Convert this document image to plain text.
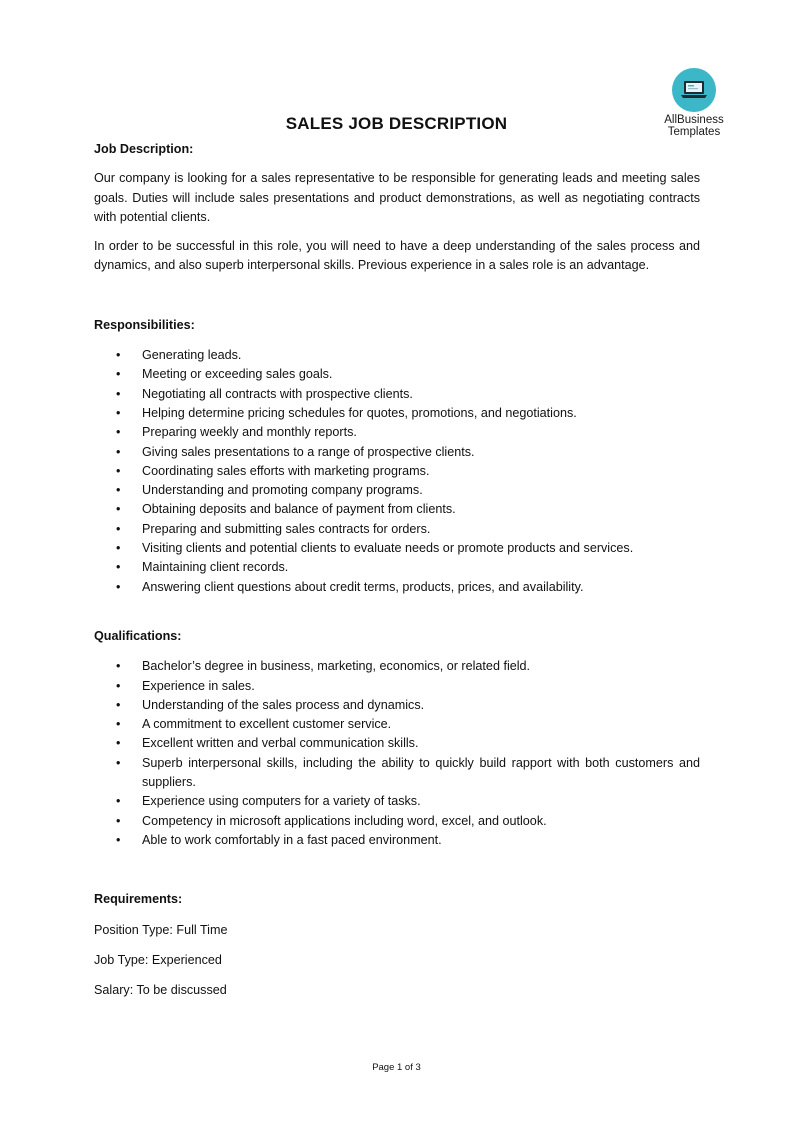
AllBusiness
Templates
SALES JOB DESCRIPTION

Job Description:

Our company is looking for a sales representative to be responsible for generating leads and meeting sales goals. Duties will include sales presentations and product demonstrations, as well as negotiating contracts with potential clients.

In order to be successful in this role, you will need to have a deep understanding of the sales process and dynamics, and also superb interpersonal skills. Previous experience in a sales role is an advantage.

Responsibilities:

• Generating leads.
• Meeting or exceeding sales goals.
• Negotiating all contracts with prospective clients.
• Helping determine pricing schedules for quotes, promotions, and negotiations.
• Preparing weekly and monthly reports.
• Giving sales presentations to a range of prospective clients.
• Coordinating sales efforts with marketing programs.
• Understanding and promoting company programs.
• Obtaining deposits and balance of payment from clients.
• Preparing and submitting sales contracts for orders.
• Visiting clients and potential clients to evaluate needs or promote products and services.
• Maintaining client records.
• Answering client questions about credit terms, products, prices, and availability.

Qualifications:

• Bachelor’s degree in business, marketing, economics, or related field.
• Experience in sales.
• Understanding of the sales process and dynamics.
• A commitment to excellent customer service.
• Excellent written and verbal communication skills.
• Superb interpersonal skills, including the ability to quickly build rapport with both customers and suppliers.
• Experience using computers for a variety of tasks.
• Competency in microsoft applications including word, excel, and outlook.
• Able to work comfortably in a fast paced environment.

Requirements:

Position Type: Full Time

Job Type: Experienced

Salary: To be discussed

Page 1 of 3
